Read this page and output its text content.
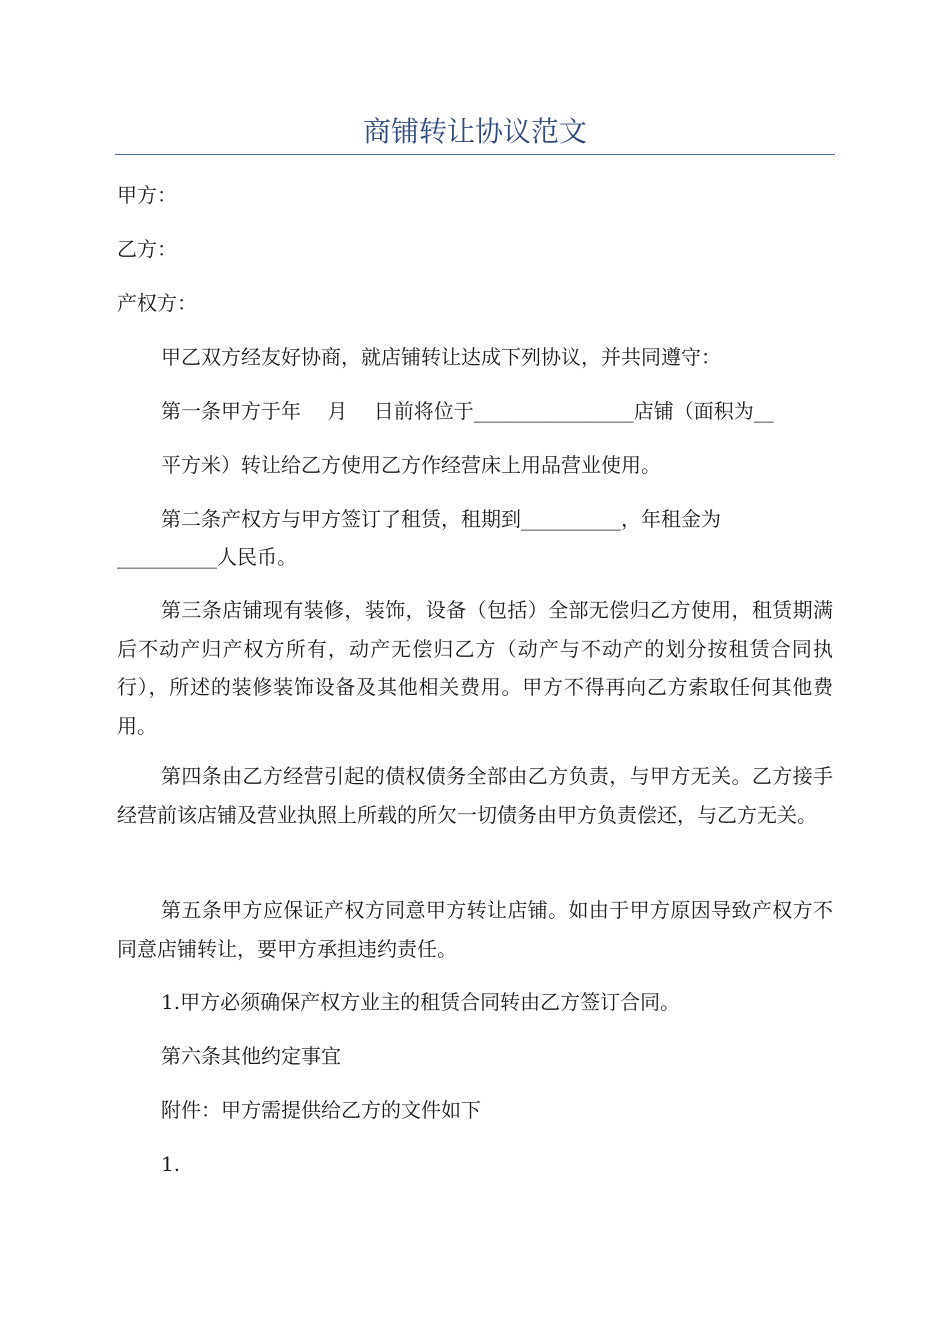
商铺转让协议范文
甲方：
乙方：
产权方：
甲乙双方经友好协商，就店铺转让达成下列协议，并共同遵守：
第一条甲方于年　 月　 日前将位于________________店铺（面积为__
平方米）转让给乙方使用乙方作经营床上用品营业使用。
第二条产权方与甲方签订了租赁，租期到__________，年租金为
__________人民币。
第三条店铺现有装修，装饰，设备（包括）全部无偿归乙方使用，租赁期满后不动产归产权方所有，动产无偿归乙方（动产与不动产的划分按租赁合同执行），所述的装修装饰设备及其他相关费用。甲方不得再向乙方索取任何其他费用。
第四条由乙方经营引起的债权债务全部由乙方负责，与甲方无关。乙方接手经营前该店铺及营业执照上所载的所欠一切债务由甲方负责偿还，与乙方无关。
第五条甲方应保证产权方同意甲方转让店铺。如由于甲方原因导致产权方不同意店铺转让，要甲方承担违约责任。
1.甲方必须确保产权方业主的租赁合同转由乙方签订合同。
第六条其他约定事宜
附件：甲方需提供给乙方的文件如下
1.
